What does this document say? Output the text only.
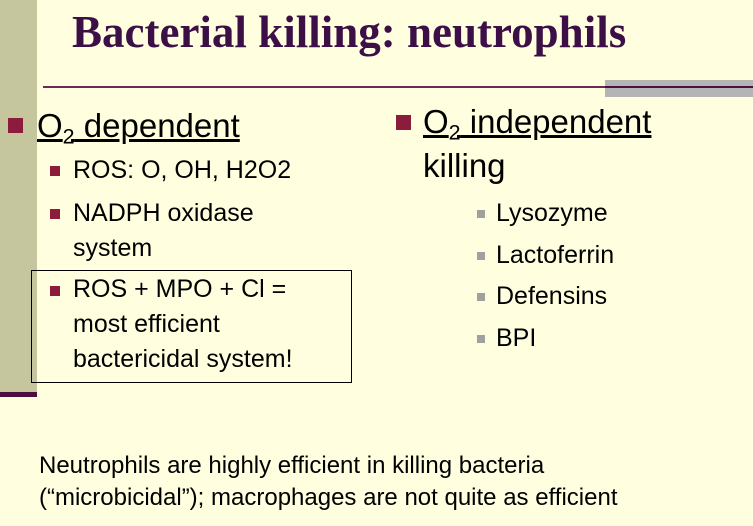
Bacterial killing: neutrophils
$O_2$ dependent
ROS: O, OH, H2O2
NADPH oxidase
system
ROS + MPO + Cl =
most efficient
bactericidal system!
$O_2$ independent
killing
Lysozyme
Lactoferrin
Defensins
BPI
Neutrophils are highly efficient in killing bacteria
(“microbicidal”); macrophages are not quite as efficient
